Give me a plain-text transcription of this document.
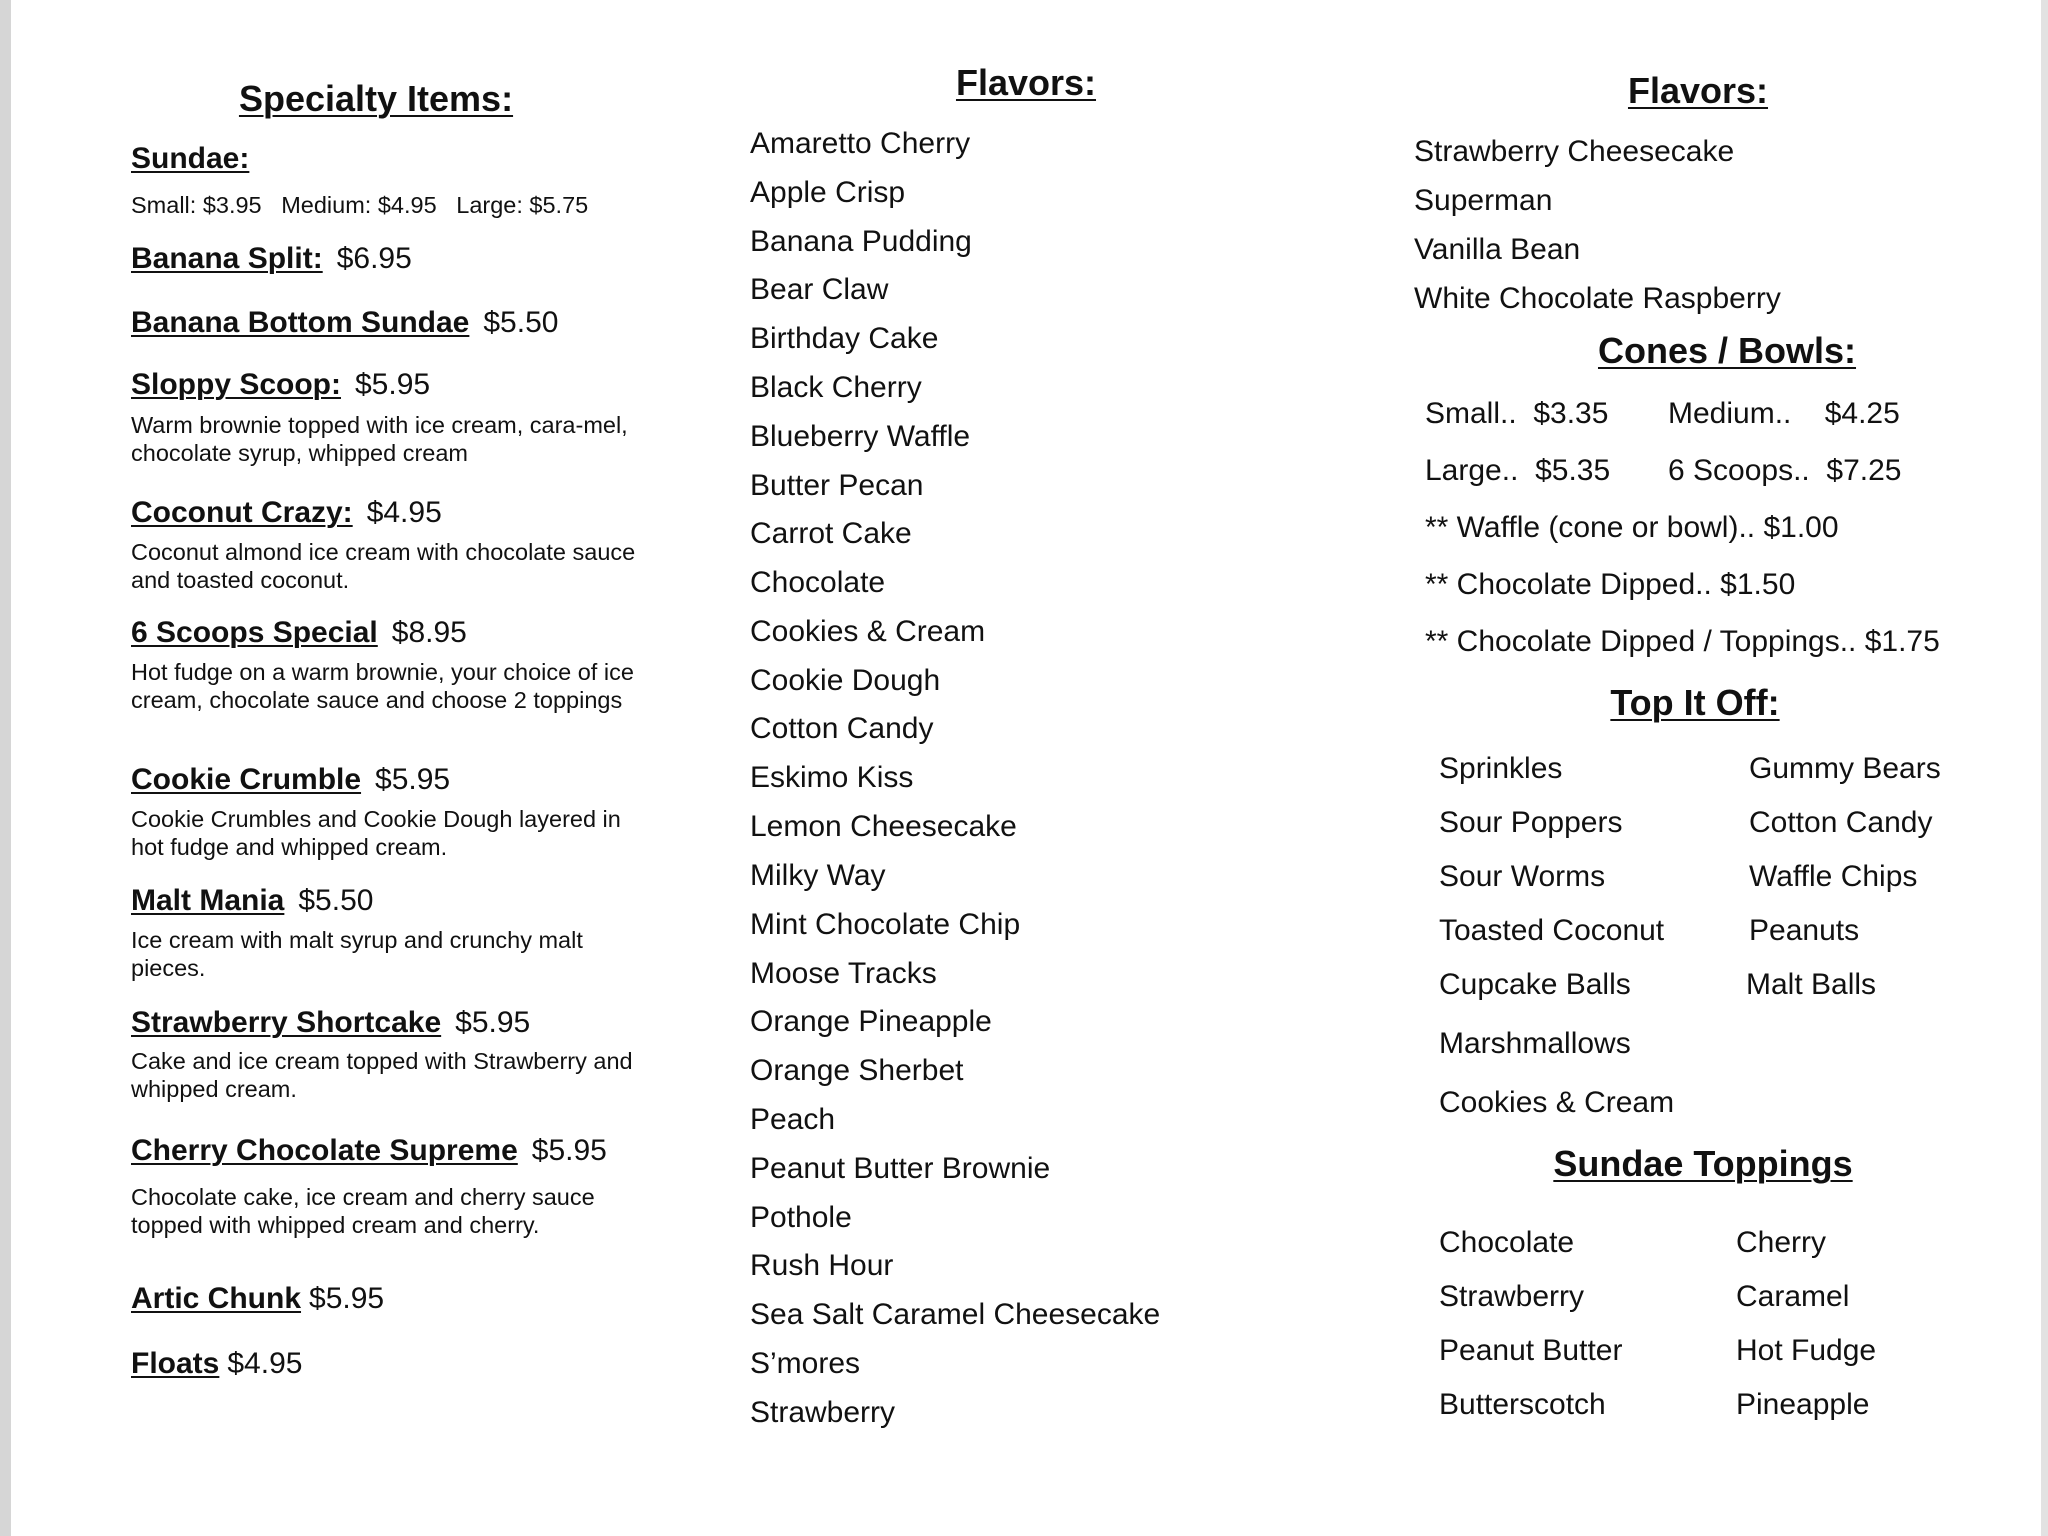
Specialty Items:
Sundae:
Small: $3.95   Medium: $4.95   Large: $5.75
Banana Split: $6.95
Banana Bottom Sundae $5.50
Sloppy Scoop: $5.95
Warm brownie topped with ice cream, cara-mel, chocolate syrup, whipped cream
Coconut Crazy: $4.95
Coconut almond ice cream with chocolate sauce and toasted coconut.
6 Scoops Special $8.95
Hot fudge on a warm brownie, your choice of ice cream, chocolate sauce and choose 2 toppings
Cookie Crumble $5.95
Cookie Crumbles and Cookie Dough layered in hot fudge and whipped cream.
Malt Mania $5.50
Ice cream with malt syrup and crunchy malt pieces.
Strawberry Shortcake $5.95
Cake and ice cream topped with Strawberry and whipped cream.
Cherry Chocolate Supreme $5.95
Chocolate cake, ice cream and cherry sauce topped with whipped cream and cherry.
Artic Chunk $5.95
Floats $4.95
Flavors:
Amaretto Cherry
Apple Crisp
Banana Pudding
Bear Claw
Birthday Cake
Black Cherry
Blueberry Waffle
Butter Pecan
Carrot Cake
Chocolate
Cookies & Cream
Cookie Dough
Cotton Candy
Eskimo Kiss
Lemon Cheesecake
Milky Way
Mint Chocolate Chip
Moose Tracks
Orange Pineapple
Orange Sherbet
Peach
Peanut Butter Brownie
Pothole
Rush Hour
Sea Salt Caramel Cheesecake
S’mores
Strawberry
Flavors:
Strawberry Cheesecake
Superman
Vanilla Bean
White Chocolate Raspberry
Cones / Bowls:
Small..  $3.35 Medium..    $4.25
Large..  $5.35 6 Scoops..  $7.25
** Waffle (cone or bowl).. $1.00
** Chocolate Dipped.. $1.50
** Chocolate Dipped / Toppings.. $1.75
Top It Off:
Sprinkles
Sour Poppers
Sour Worms
Toasted Coconut
Cupcake Balls
Marshmallows
Cookies & Cream
Gummy Bears
Cotton Candy
Waffle Chips
Peanuts
Malt Balls
Sundae Toppings
Chocolate
Strawberry
Peanut Butter
Butterscotch
Cherry
Caramel
Hot Fudge
Pineapple
